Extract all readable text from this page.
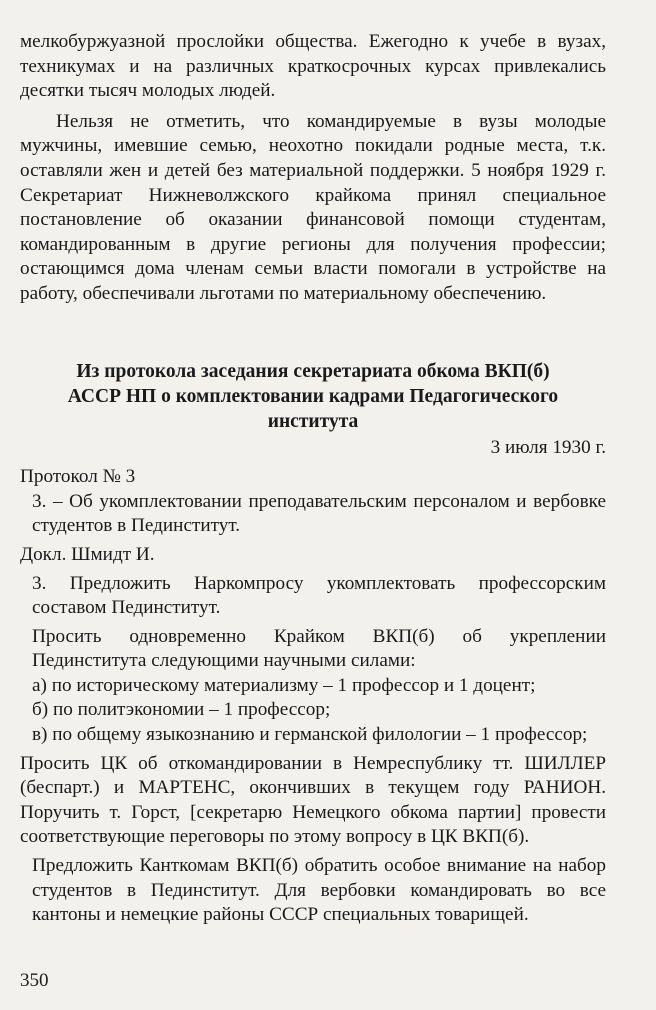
мелкобуржуазной прослойки общества. Ежегодно к учебе в вузах, техникумах и на различных краткосрочных курсах привлекались десятки тысяч молодых людей.

Нельзя не отметить, что командируемые в вузы молодые мужчины, имевшие семью, неохотно покидали родные места, т.к. оставляли жен и детей без материальной поддержки. 5 ноября 1929 г. Секретариат Нижневолжского крайкома принял специальное постановление об оказании финансовой помощи студентам, командированным в другие регионы для получения профессии; остающимся дома членам семьи власти помогали в устройстве на работу, обеспечивали льготами по материальному обеспечению.

Из протокола заседания секретариата обкома ВКП(б) АССР НП о комплектовании кадрами Педагогического института

3 июля 1930 г.

Протокол № 3

3. – Об укомплектовании преподавательским персоналом и вербовке студентов в Пединститут.

Докл. Шмидт И.

3. Предложить Наркомпросу укомплектовать профессорским составом Пединститут.

Просить одновременно Крайком ВКП(б) об укреплении Пединститута следующими научными силами:

а) по историческому материализму – 1 профессор и 1 доцент;

б) по политэкономии – 1 профессор;

в) по общему языкознанию и германской филологии – 1 профессор;

Просить ЦК об откомандировании в Немреспублику тт. ШИЛЛЕР (беспарт.) и МАРТЕНС, окончивших в текущем году РАНИОН. Поручить т. Горст, [секретарю Немецкого обкома партии] провести соответствующие переговоры по этому вопросу в ЦК ВКП(б).

Предложить Канткомам ВКП(б) обратить особое внимание на набор студентов в Пединститут. Для вербовки командировать во все кантоны и немецкие районы СССР специальных товарищей.

350
